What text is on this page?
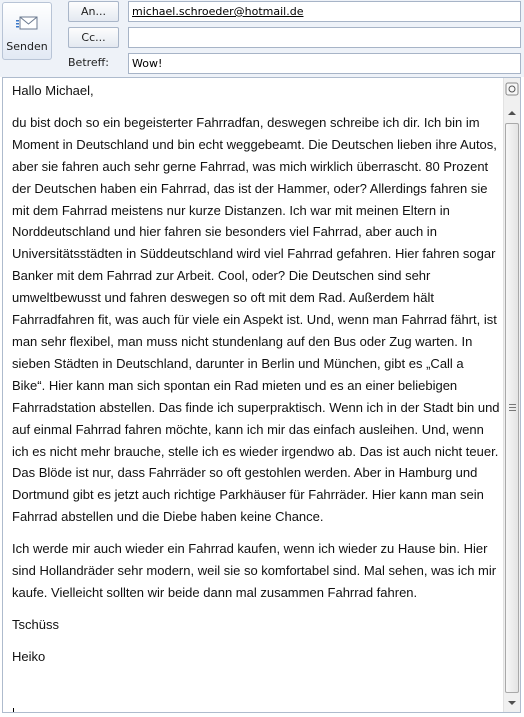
Senden
An...
Cc...
Betreff:
michael.schroeder@hotmail.de
Wow!

Hallo Michael,

du bist doch so ein begeisterter Fahrradfan, deswegen schreibe ich dir. Ich bin im Moment in Deutschland und bin echt weggebeamt. Die Deutschen lieben ihre Autos, aber sie fahren auch sehr gerne Fahrrad, was mich wirklich überrascht. 80 Prozent der Deutschen haben ein Fahrrad, das ist der Hammer, oder? Allerdings fahren sie mit dem Fahrrad meistens nur kurze Distanzen. Ich war mit meinen Eltern in Norddeutschland und hier fahren sie besonders viel Fahrrad, aber auch in Universitätsstädten in Süddeutschland wird viel Fahrrad gefahren. Hier fahren sogar Banker mit dem Fahrrad zur Arbeit. Cool, oder? Die Deutschen sind sehr umweltbewusst und fahren deswegen so oft mit dem Rad. Außerdem hält Fahrradfahren fit, was auch für viele ein Aspekt ist. Und, wenn man Fahrrad fährt, ist man sehr flexibel, man muss nicht stundenlang auf den Bus oder Zug warten. In sieben Städten in Deutschland, darunter in Berlin und München, gibt es „Call a Bike“. Hier kann man sich spontan ein Rad mieten und es an einer beliebigen Fahrradstation abstellen. Das finde ich superpraktisch. Wenn ich in der Stadt bin und auf einmal Fahrrad fahren möchte, kann ich mir das einfach ausleihen. Und, wenn ich es nicht mehr brauche, stelle ich es wieder irgendwo ab. Das ist auch nicht teuer. Das Blöde ist nur, dass Fahrräder so oft gestohlen werden. Aber in Hamburg und Dortmund gibt es jetzt auch richtige Parkhäuser für Fahrräder. Hier kann man sein Fahrrad abstellen und die Diebe haben keine Chance.

Ich werde mir auch wieder ein Fahrrad kaufen, wenn ich wieder zu Hause bin. Hier sind Hollandräder sehr modern, weil sie so komfortabel sind. Mal sehen, was ich mir kaufe. Vielleicht sollten wir beide dann mal zusammen Fahrrad fahren.

Tschüss

Heiko
